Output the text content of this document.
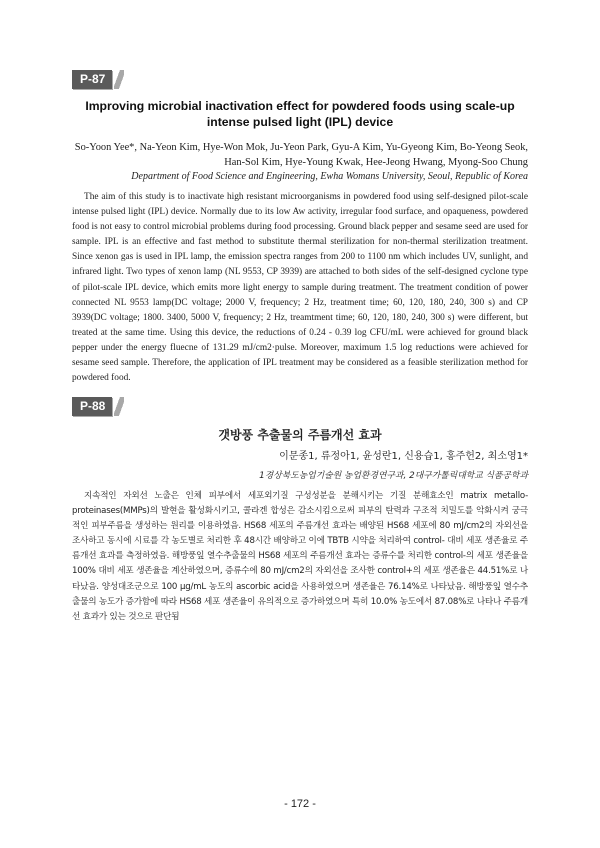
P-87
Improving microbial inactivation effect for powdered foods using scale-up intense pulsed light (IPL) device
So-Yoon Yee*, Na-Yeon Kim, Hye-Won Mok, Ju-Yeon Park, Gyu-A Kim, Yu-Gyeong Kim, Bo-Yeong Seok, Han-Sol Kim, Hye-Young Kwak, Hee-Jeong Hwang, Myong-Soo Chung
Department of Food Science and Engineering, Ewha Womans University, Seoul, Republic of Korea

The aim of this study is to inactivate high resistant microorganisms in powdered food using self-designed pilot-scale intense pulsed light (IPL) device. Normally due to its low Aw activity, irregular food surface, and opaqueness, powdered food is not easy to control microbial problems during food processing. Ground black pepper and sesame seed are used for sample. IPL is an effective and fast method to substitute thermal sterilization for non-thermal sterilization treatment. Since xenon gas is used in IPL lamp, the emission spectra ranges from 200 to 1100 nm which includes UV, sunlight, and infrared light. Two types of xenon lamp (NL 9553, CP 3939) are attached to both sides of the self-designed cyclone type of pilot-scale IPL device, which emits more light energy to sample during treatment. The treatment condition of power connected NL 9553 lamp(DC voltage; 2000 V, frequency; 2 Hz, treatment time; 60, 120, 180, 240, 300 s) and CP 3939(DC voltage; 1800. 3400, 5000 V, frequency; 2 Hz, treamtment time; 60, 120, 180, 240, 300 s) were different, but treated at the same time. Using this device, the reductions of 0.24 - 0.39 log CFU/mL were achieved for ground black pepper under the energy fluecne of 131.29 mJ/cm2·pulse. Moreover, maximum 1.5 log reductions were achieved for sesame seed sample. Therefore, the application of IPL treatment may be considered as a feasible sterilization method for powdered food.

P-88
갯방풍 추출물의 주름개선 효과
이문종1, 류정아1, 윤성란1, 신용습1, 홍주헌2, 최소영1*
1경상북도농업기술원 농업환경연구과, 2대구가톨릭대학교 식품공학과

지속적인 자외선 노출은 인체 피부에서 세포외기질 구성성분을 분해시키는 기질 분해효소인 matrix metallo-proteinases(MMPs)의 발현을 활성화시키고, 콜라겐 합성은 감소시킴으로써 피부의 탄력과 구조적 치밀도를 악화시켜 궁극적인 피부주름을 생성하는 원리를 이용하였음. HS68 세포의 주름개선 효과는 배양된 HS68 세포에 80 mJ/cm2의 자외선을 조사하고 동시에 시료를 각 농도별로 처리한 후 48시간 배양하고 이에 TBTB 시약을 처리하여 control- 대비 세포 생존율로 주름개선 효과를 측정하였음. 해방풍잎 열수추출물의 HS68 세포의 주름개선 효과는 증류수를 처리한 control-의 세포 생존율을 100% 대비 세포 생존율을 계산하였으며, 증류수에 80 mJ/cm2의 자외선을 조사한 control+의 세포 생존율은 44.51%로 나타났음. 양성대조군으로 100 μg/mL 농도의 ascorbic acid을 사용하였으며 생존율은 76.14%로 나타났음. 해방풍잎 열수추출물의 농도가 증가함에 따라 HS68 세포 생존율이 유의적으로 증가하였으며 특히 10.0% 농도에서 87.08%로 나타나 주름개선 효과가 있는 것으로 판단됨

- 172 -
